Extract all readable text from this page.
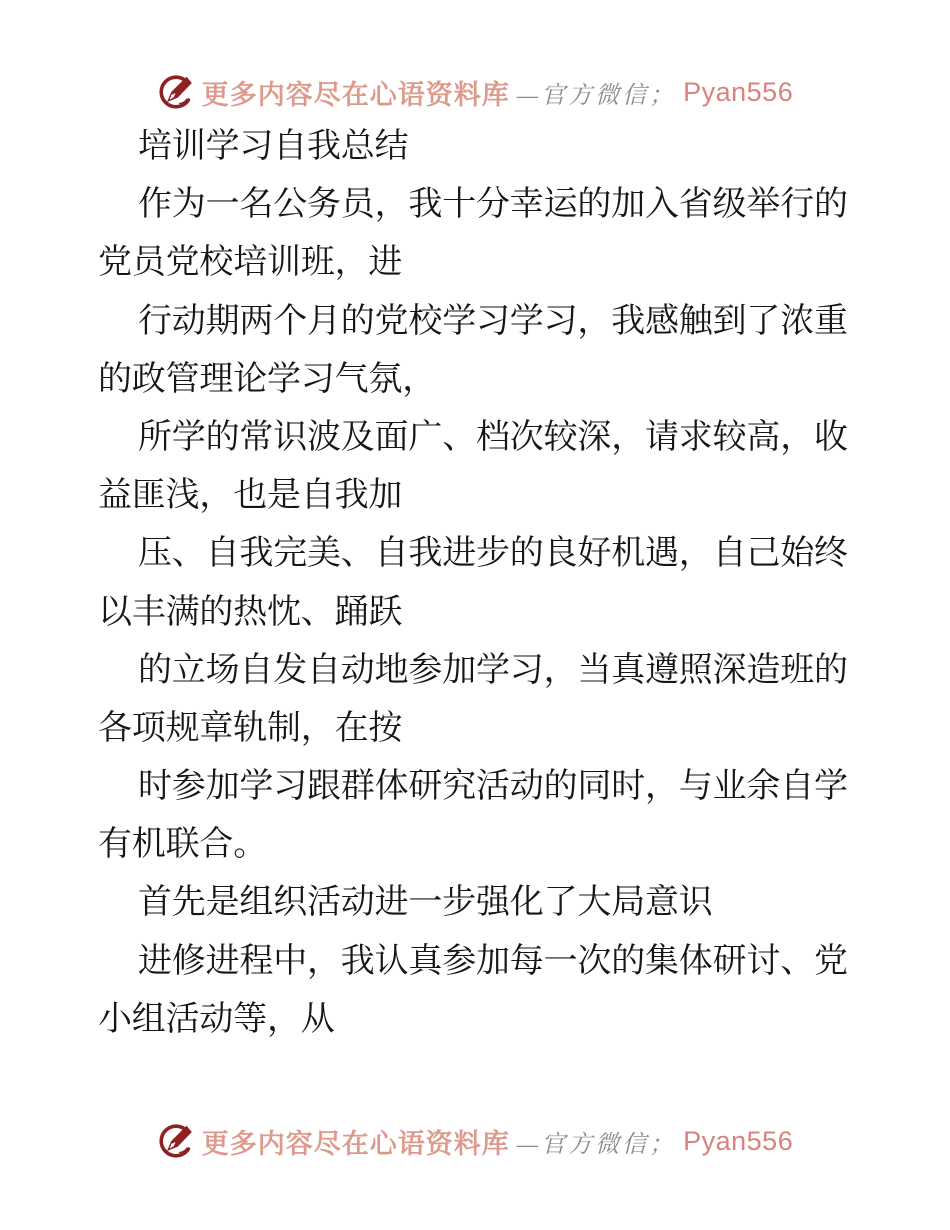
更多内容尽在心语资料库 —官方微信； Pyan556
培训学习自我总结
作为一名公务员，我十分幸运的加入省级举行的
党员党校培训班，进
行动期两个月的党校学习学习，我感触到了浓重
的政管理论学习气氛，
所学的常识波及面广、档次较深，请求较高，收
益匪浅，也是自我加
压、自我完美、自我进步的良好机遇，自己始终
以丰满的热忱、踊跃
的立场自发自动地参加学习，当真遵照深造班的
各项规章轨制，在按
时参加学习跟群体研究活动的同时，与业余自学
有机联合。
首先是组织活动进一步强化了大局意识
进修进程中，我认真参加每一次的集体研讨、党
小组活动等，从
更多内容尽在心语资料库 —官方微信； Pyan556
